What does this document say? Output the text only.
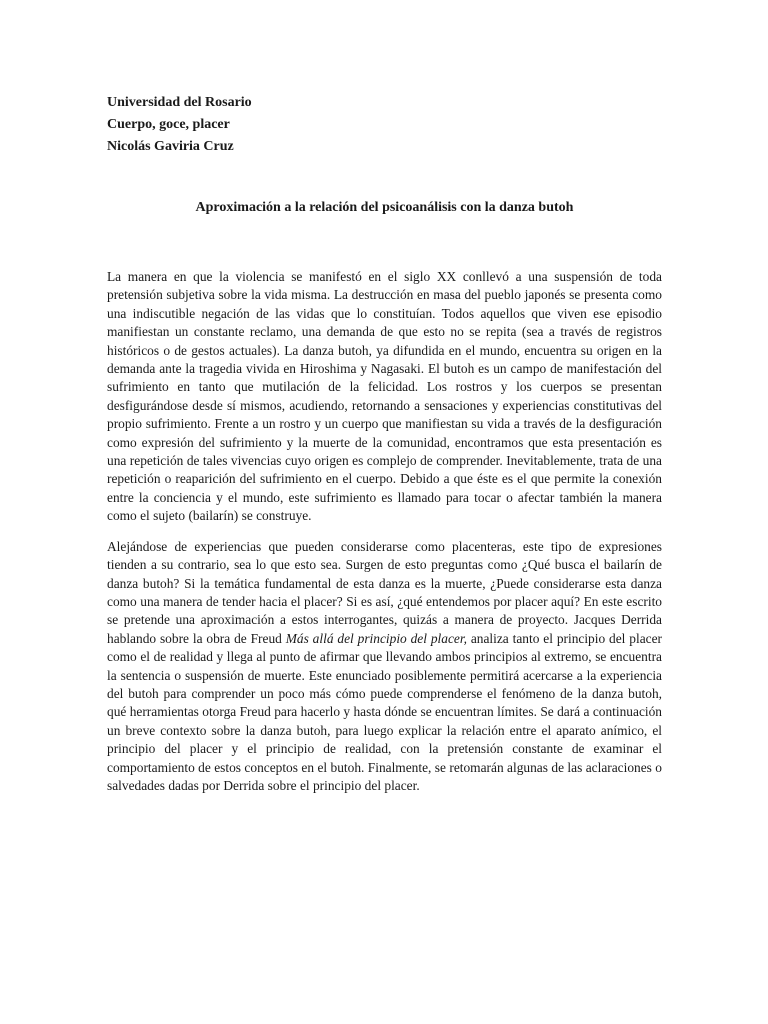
Universidad del Rosario

Cuerpo, goce, placer

Nicolás Gaviria Cruz

Aproximación a la relación del psicoanálisis con la danza butoh

La manera en que la violencia se manifestó en el siglo XX conllevó a una suspensión de toda pretensión subjetiva sobre la vida misma. La destrucción en masa del pueblo japonés se presenta como una indiscutible negación de las vidas que lo constituían. Todos aquellos que viven ese episodio manifiestan un constante reclamo, una demanda de que esto no se repita (sea a través de registros históricos o de gestos actuales). La danza butoh, ya difundida en el mundo, encuentra su origen en la demanda ante la tragedia vivida en Hiroshima y Nagasaki. El butoh es un campo de manifestación del sufrimiento en tanto que mutilación de la felicidad. Los rostros y los cuerpos se presentan desfigurándose desde sí mismos, acudiendo, retornando a sensaciones y experiencias constitutivas del propio sufrimiento. Frente a un rostro y un cuerpo que manifiestan su vida a través de la desfiguración como expresión del sufrimiento y la muerte de la comunidad, encontramos que esta presentación es una repetición de tales vivencias cuyo origen es complejo de comprender. Inevitablemente, trata de una repetición o reaparición del sufrimiento en el cuerpo. Debido a que éste es el que permite la conexión entre la conciencia y el mundo, este sufrimiento es llamado para tocar o afectar también la manera como el sujeto (bailarín) se construye.

Alejándose de experiencias que pueden considerarse como placenteras, este tipo de expresiones tienden a su contrario, sea lo que esto sea. Surgen de esto preguntas como ¿Qué busca el bailarín de danza butoh? Si la temática fundamental de esta danza es la muerte, ¿Puede considerarse esta danza como una manera de tender hacia el placer? Si es así, ¿qué entendemos por placer aquí? En este escrito se pretende una aproximación a estos interrogantes, quizás a manera de proyecto. Jacques Derrida hablando sobre la obra de Freud Más allá del principio del placer, analiza tanto el principio del placer como el de realidad y llega al punto de afirmar que llevando ambos principios al extremo, se encuentra la sentencia o suspensión de muerte. Este enunciado posiblemente permitirá acercarse a la experiencia del butoh para comprender un poco más cómo puede comprenderse el fenómeno de la danza butoh, qué herramientas otorga Freud para hacerlo y hasta dónde se encuentran límites. Se dará a continuación un breve contexto sobre la danza butoh, para luego explicar la relación entre el aparato anímico, el principio del placer y el principio de realidad, con la pretensión constante de examinar el comportamiento de estos conceptos en el butoh. Finalmente, se retomarán algunas de las aclaraciones o salvedades dadas por Derrida sobre el principio del placer.
